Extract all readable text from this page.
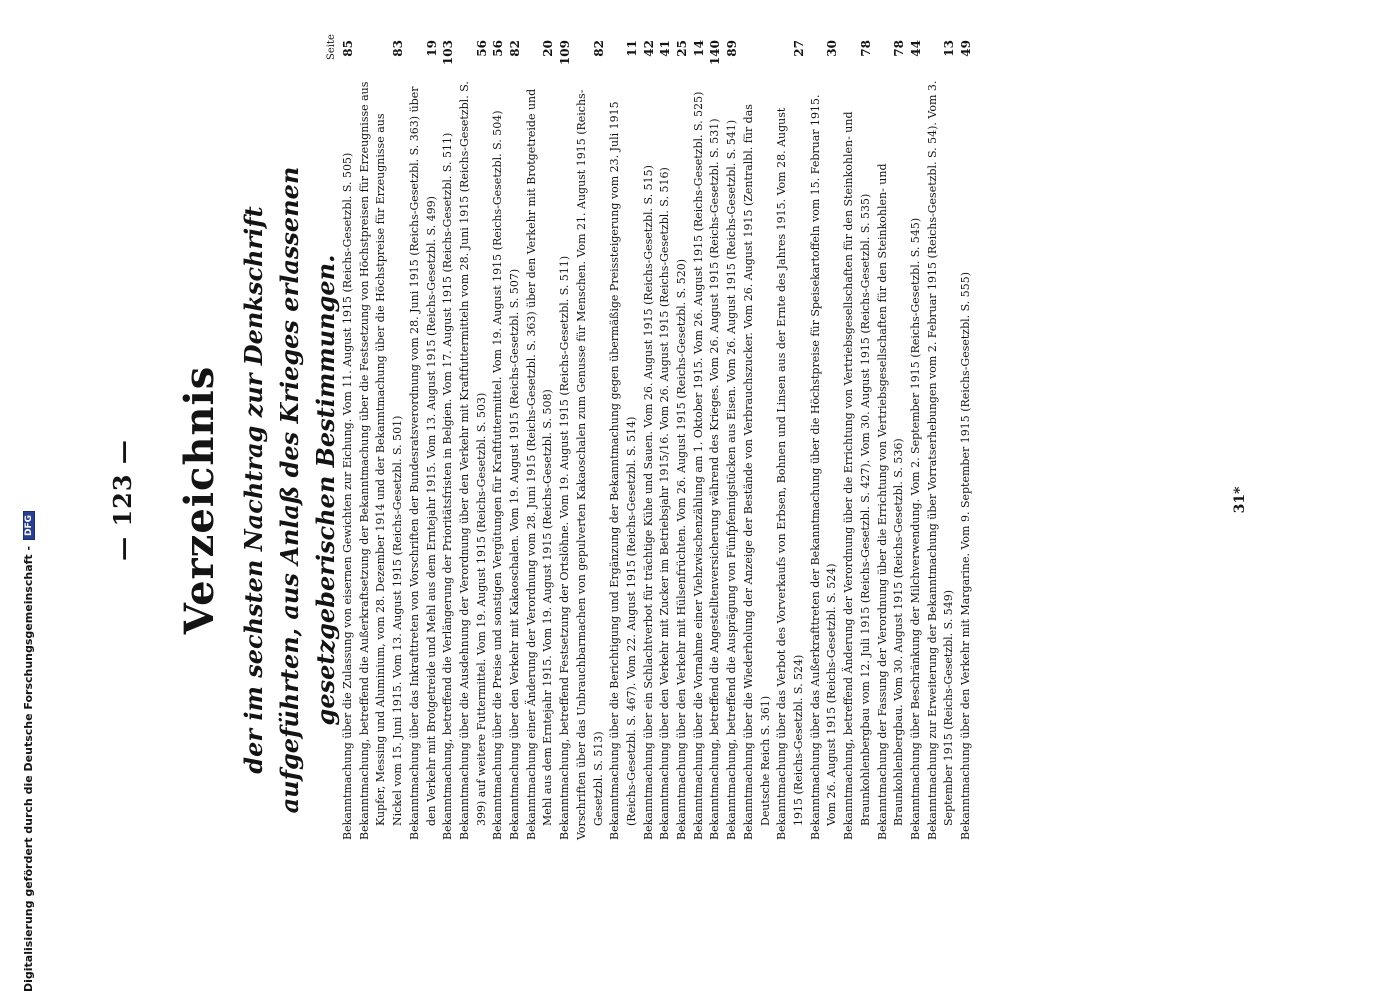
— 123 — Verzeichnis der im sechsten Nachtrag zur Denkschrift aufgeführten, aus Anlaß des Krieges erlassenen gesetzgeberischen Bestimmungen.
Seite
Bekanntmachung über die Zulassung von eisernen Gewichten zur Eichung. Vom 11. August 1915 (Reichs-Gesetzbl. S. 505)
85
Bekanntmachung, betreffend die Außerkraftsetzung der Bekanntmachung über die Festsetzung von Höchstpreisen für Erzeugnisse aus Kupfer, Messing und Aluminium, vom 28. Dezember 1914 und der Bekanntmachung über die Höchstpreise für Erzeugnisse aus Nickel vom 15. Juni 1915. Vom 13. August 1915 (Reichs-Gesetzbl. S. 501)
83
Bekanntmachung über das Inkrafttreten von Vorschriften der Bundesratsverordnung vom 28. Juni 1915 (Reichs-Gesetzbl. S. 363) über den Verkehr mit Brotgetreide und Mehl aus dem Erntejahr 1915. Vom 13. August 1915 (Reichs-Gesetzbl. S. 499)
19
Bekanntmachung, betreffend die Verlängerung der Prioritätsfristen in Belgien. Vom 17. August 1915 (Reichs-Gesetzbl. S. 511)
103
Bekanntmachung über die Ausdehnung der Verordnung über den Verkehr mit Kraftfuttermitteln vom 28. Juni 1915 (Reichs-Gesetzbl. S. 399) auf weitere Futtermittel. Vom 19. August 1915 (Reichs-Gesetzbl. S. 503)
56
Bekanntmachung über die Preise und sonstigen Vergütungen für Kraftfuttermittel. Vom 19. August 1915 (Reichs-Gesetzbl. S. 504)
56
Bekanntmachung über den Verkehr mit Kakaoschalen. Vom 19. August 1915 (Reichs-Gesetzbl. S. 507)
82
Bekanntmachung einer Änderung der Verordnung vom 28. Juni 1915 (Reichs-Gesetzbl. S. 363) über den Verkehr mit Brotgetreide und Mehl aus dem Erntejahr 1915. Vom 19. August 1915 (Reichs-Gesetzbl. S. 508)
20
Bekanntmachung, betreffend Festsetzung der Ortslöhne. Vom 19. August 1915 (Reichs-Gesetzbl. S. 511)
109
Vorschriften über das Unbrauchbarmachen von gepulverten Kakaoschalen zum Genusse für Menschen. Vom 21. August 1915 (Reichs-Gesetzbl. S. 513)
82
Bekanntmachung über die Berichtigung und Ergänzung der Bekanntmachung gegen übermäßige Preissteigerung vom 23. Juli 1915 (Reichs-Gesetzbl. S. 467). Vom 22. August 1915 (Reichs-Gesetzbl. S. 514)
11
Bekanntmachung über ein Schlachtverbot für trächtige Kühe und Sauen. Vom 26. August 1915 (Reichs-Gesetzbl. S. 515)
42
Bekanntmachung über den Verkehr mit Zucker im Betriebsjahr 1915/16. Vom 26. August 1915 (Reichs-Gesetzbl. S. 516)
41
Bekanntmachung über den Verkehr mit Hülsenfrüchten. Vom 26. August 1915 (Reichs-Gesetzbl. S. 520)
25
Bekanntmachung über die Vornahme einer Viehzwischenzählung am 1. Oktober 1915. Vom 26. August 1915 (Reichs-Gesetzbl. S. 525)
14
Bekanntmachung, betreffend die Angestelltenversicherung während des Krieges. Vom 26. August 1915 (Reichs-Gesetzbl. S. 531)
140
Bekanntmachung, betreffend die Ausprägung von Fünfpfennigstücken aus Eisen. Vom 26. August 1915 (Reichs-Gesetzbl. S. 541)
89
Bekanntmachung über die Wiederholung der Anzeige der Bestände von Verbrauchszucker. Vom 26. August 1915 (Zentralbl. für das Deutsche Reich S. 361) Bekanntmachung über das Verbot des Vorverkaufs von Erbsen, Bohnen und Linsen aus der Ernte des Jahres 1915. Vom 28. August 1915 (Reichs-Gesetzbl. S. 524)
27
Bekanntmachung über das Außerkrafttreten der Bekanntmachung über die Höchstpreise für Speisekartoffeln vom 15. Februar 1915. Vom 26. August 1915 (Reichs-Gesetzbl. S. 524)
30
Bekanntmachung, betreffend Änderung der Verordnung über die Errichtung von Vertriebsgesellschaften für den Steinkohlen- und Braunkohlenbergbau vom 12. Juli 1915 (Reichs-Gesetzbl. S. 427). Vom 30. August 1915 (Reichs-Gesetzbl. S. 535)
78
Bekanntmachung der Fassung der Verordnung über die Errichtung von Vertriebsgesellschaften für den Steinkohlen- und Braunkohlenbergbau. Vom 30. August 1915 (Reichs-Gesetzbl. S. 536)
78
Bekanntmachung über Beschränkung der Milchverwendung. Vom 2. September 1915 (Reichs-Gesetzbl. S. 545)
44
Bekanntmachung zur Erweiterung der Bekanntmachung über Vorratserhebungen vom 2. Februar 1915 (Reichs-Gesetzbl. S. 54). Vom 3. September 1915 (Reichs-Gesetzbl. S. 549)
13
Bekanntmachung über den Verkehr mit Margarine. Vom 9. September 1915 (Reichs-Gesetzbl. S. 555)
49
31*
Digitalisierung gefördert durch die Deutsche Forschungsgemeinschaft -
DFG
